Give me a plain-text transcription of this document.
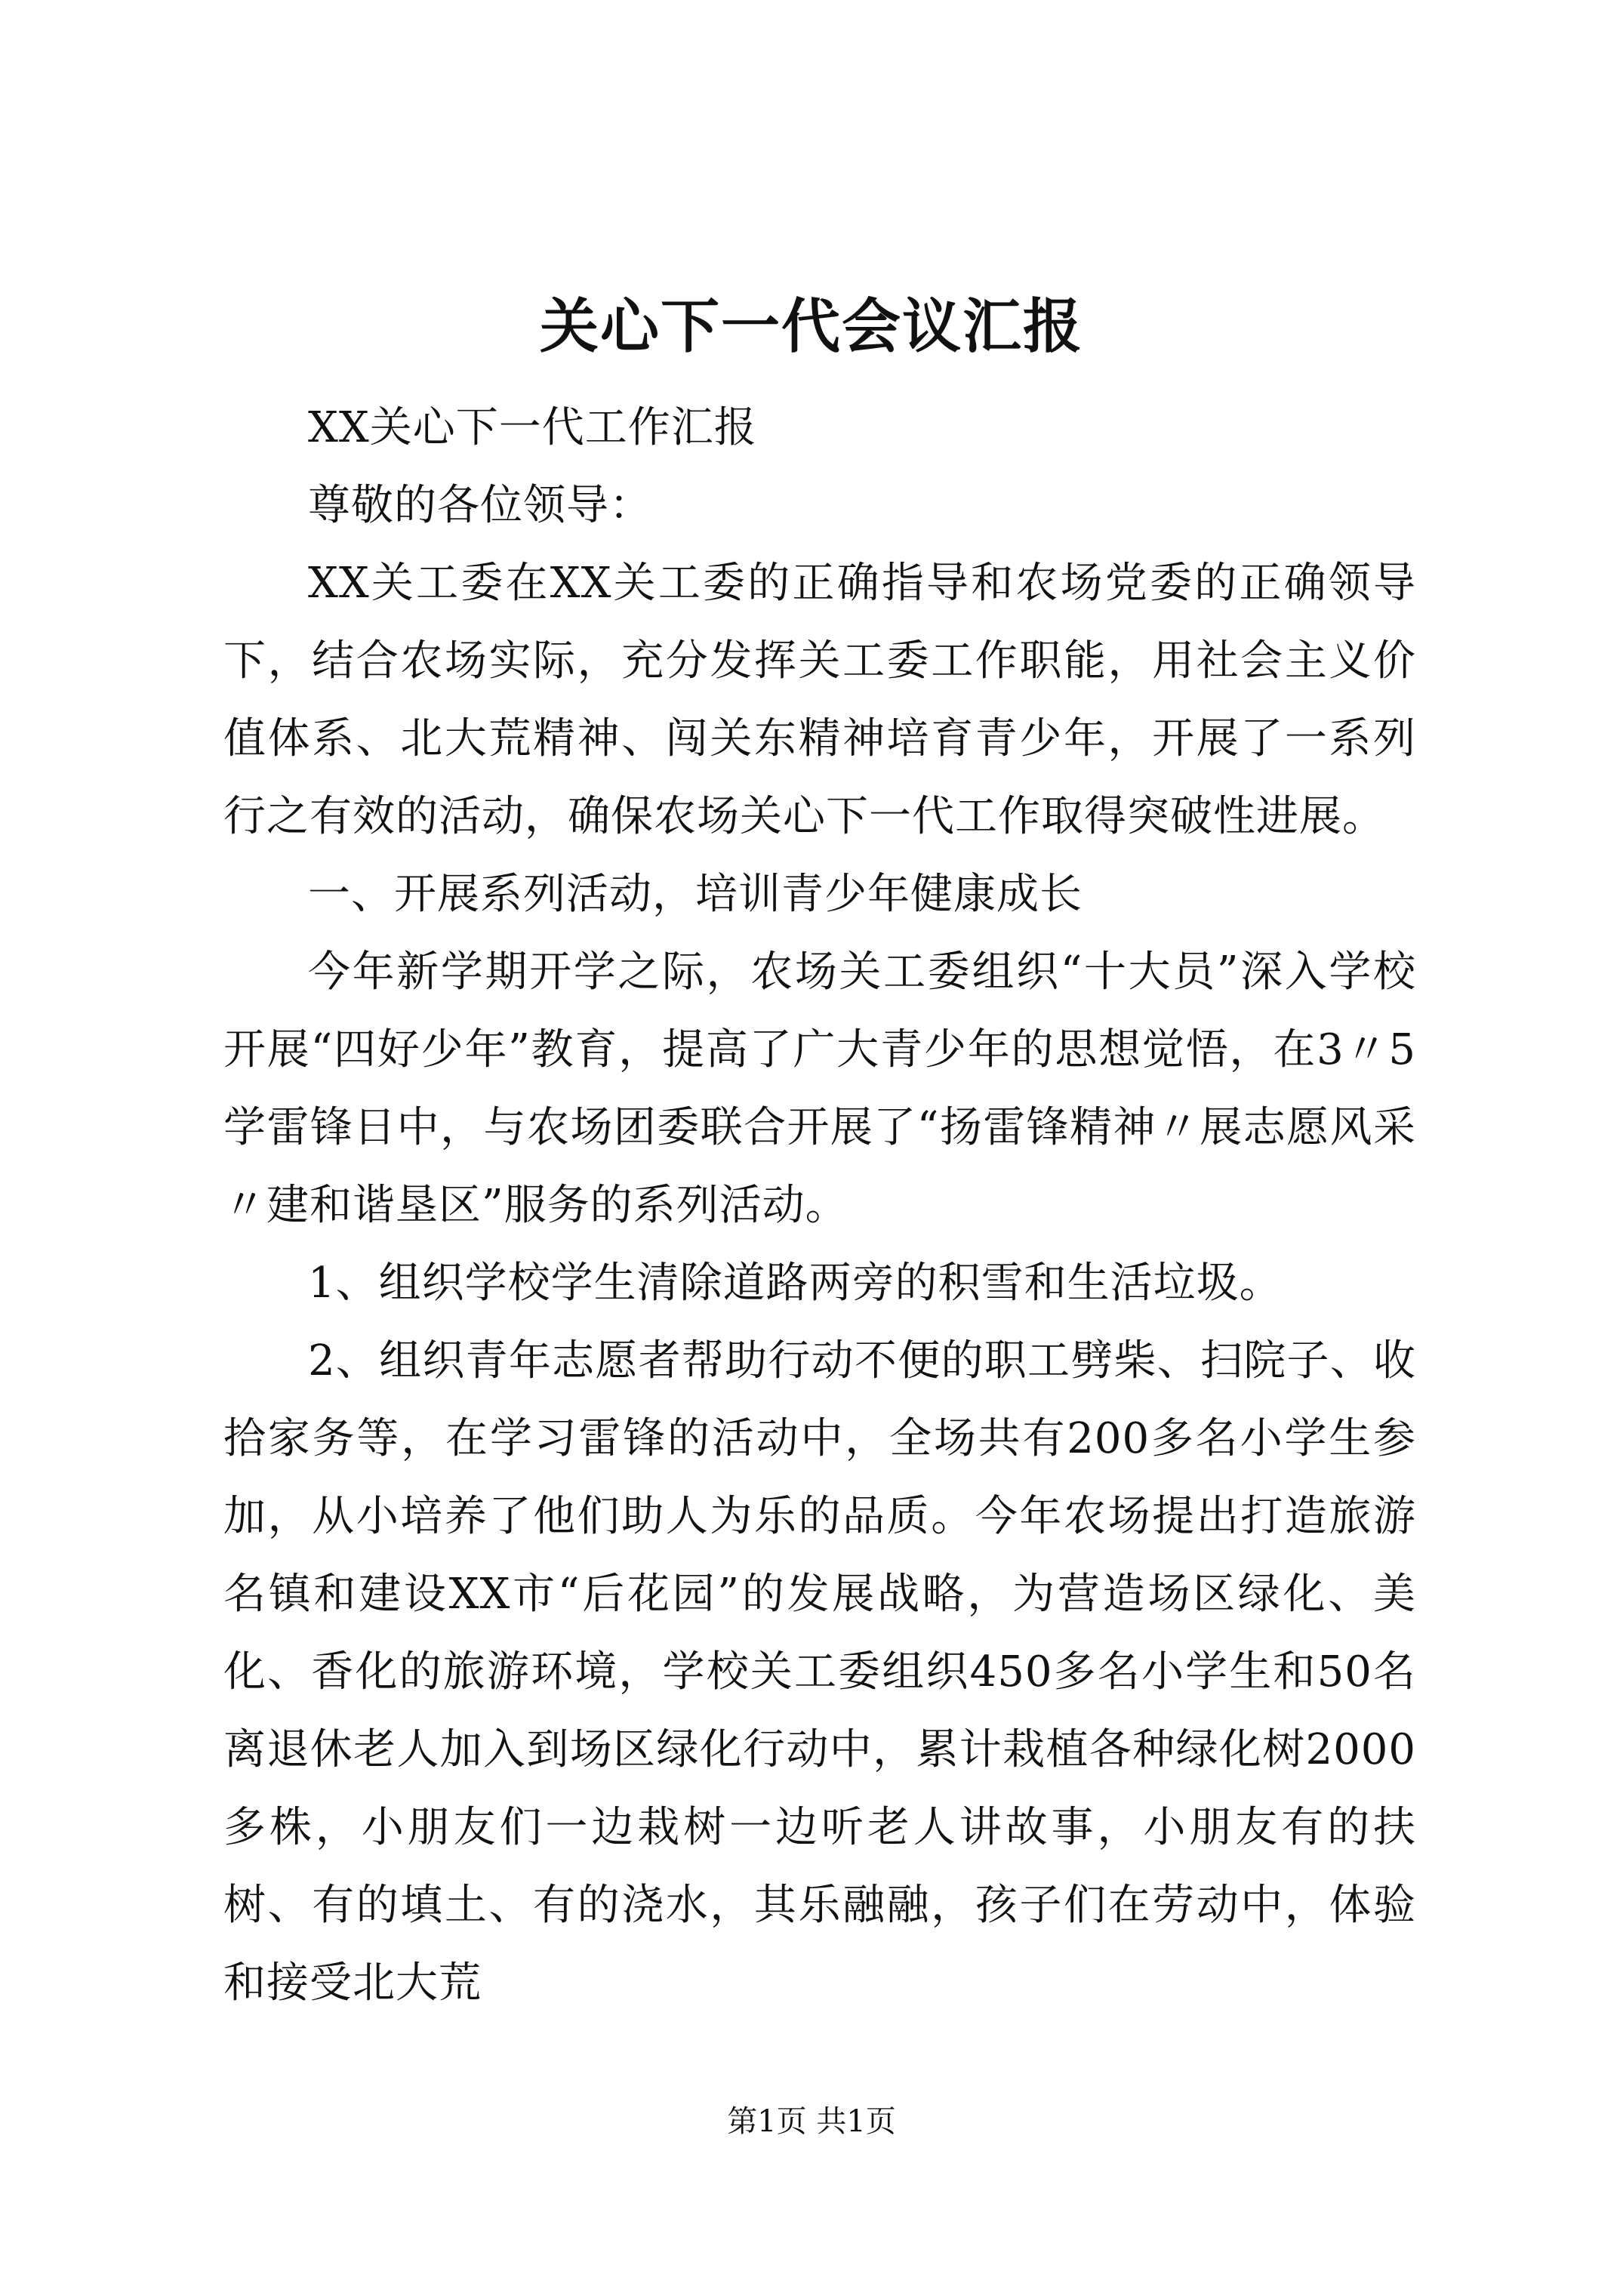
关心下一代会议汇报

XX关心下一代工作汇报

尊敬的各位领导：

XX关工委在XX关工委的正确指导和农场党委的正确领导下，结合农场实际，充分发挥关工委工作职能，用社会主义价值体系、北大荒精神、闯关东精神培育青少年，开展了一系列行之有效的活动，确保农场关心下一代工作取得突破性进展。

一、开展系列活动，培训青少年健康成长

今年新学期开学之际，农场关工委组织“十大员”深入学校开展“四好少年”教育，提高了广大青少年的思想觉悟，在3〃5学雷锋日中，与农场团委联合开展了“扬雷锋精神〃展志愿风采〃建和谐垦区”服务的系列活动。

1、组织学校学生清除道路两旁的积雪和生活垃圾。

2、组织青年志愿者帮助行动不便的职工劈柴、扫院子、收拾家务等，在学习雷锋的活动中，全场共有200多名小学生参加，从小培养了他们助人为乐的品质。今年农场提出打造旅游名镇和建设XX市“后花园”的发展战略，为营造场区绿化、美化、香化的旅游环境，学校关工委组织450多名小学生和50名离退休老人加入到场区绿化行动中，累计栽植各种绿化树2000多株，小朋友们一边栽树一边听老人讲故事，小朋友有的扶树、有的填土、有的浇水，其乐融融，孩子们在劳动中，体验和接受北大荒

第1页 共1页
